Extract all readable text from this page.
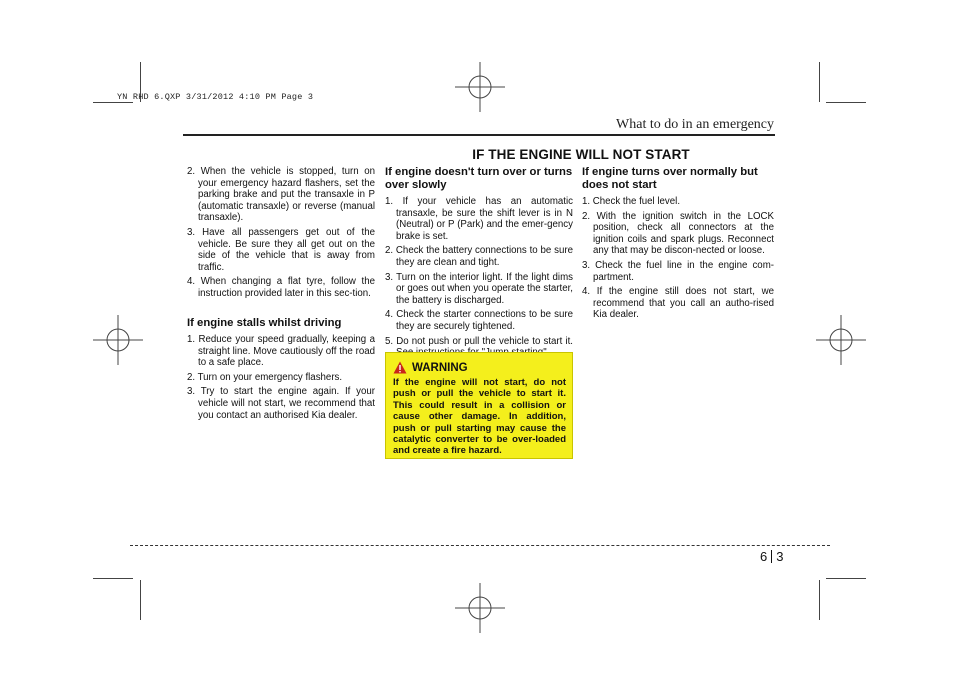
YN RHD 6.QXP 3/31/2012 4:10 PM Page 3
What to do in an emergency
IF THE ENGINE WILL NOT START
2. When the vehicle is stopped, turn on your emergency hazard flashers, set the parking brake and put the transaxle in P (automatic transaxle) or reverse (manual transaxle).
3. Have all passengers get out of the vehicle. Be sure they all get out on the side of the vehicle that is away from traffic.
4. When changing a flat tyre, follow the instruction provided later in this sec-tion.
If engine stalls whilst driving
1. Reduce your speed gradually, keeping a straight line. Move cautiously off the road to a safe place.
2. Turn on your emergency flashers.
3. Try to start the engine again. If your vehicle will not start, we recommend that you contact an authorised Kia dealer.
If engine doesn't turn over or turns over slowly
1. If your vehicle has an automatic transaxle, be sure the shift lever is in N (Neutral) or P (Park) and the emer-gency brake is set.
2. Check the battery connections to be sure they are clean and tight.
3. Turn on the interior light. If the light dims or goes out when you operate the starter, the battery is discharged.
4. Check the starter connections to be sure they are securely tightened.
5. Do not push or pull the vehicle to start it.
WARNING
If the engine will not start, do not push or pull the vehicle to start it. This could result in a collision or cause other damage. In addition, push or pull starting may cause the catalytic converter to be over-loaded and create a fire hazard.
If engine turns over normally but does not start
1. Check the fuel level.
2. With the ignition switch in the LOCK position, check all connectors at the ignition coils and spark plugs. Reconnect any that may be discon-nected or loose.
3. Check the fuel line in the engine com-partment.
4. If the engine still does not start, we recommend that you call an autho-rised Kia dealer.
6 3
